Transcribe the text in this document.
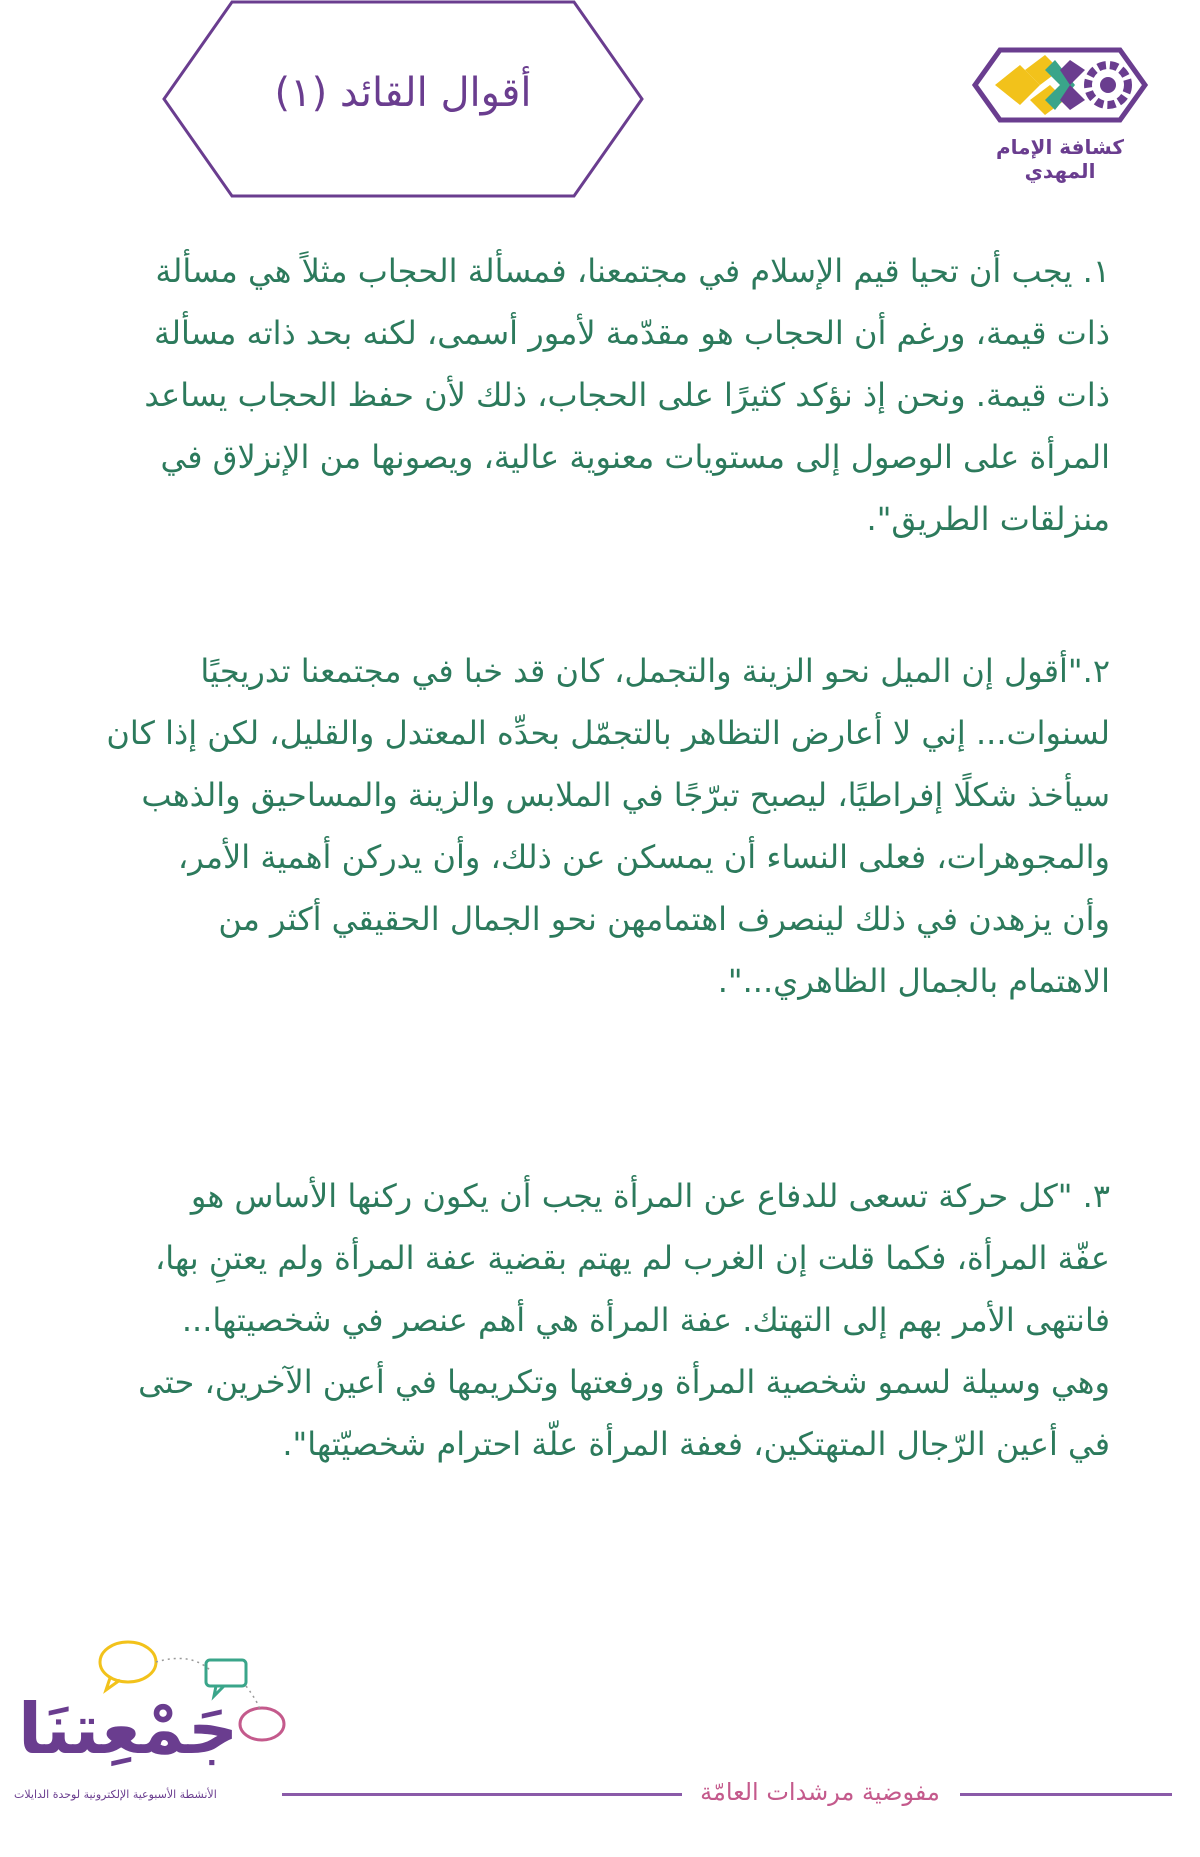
أقوال القائد (١)
كشافة الإمام المهدي
١. يجب أن تحيا قيم الإسلام في مجتمعنا، فمسألة الحجاب مثلاً هي مسألة
ذات قيمة، ورغم أن الحجاب هو مقدّمة لأمور أسمى، لكنه بحد ذاته مسألة
ذات قيمة. ونحن إذ نؤكد كثيرًا على الحجاب، ذلك لأن حفظ الحجاب يساعد
المرأة على الوصول إلى مستويات معنوية عالية، ويصونها من الإنزلاق في
منزلقات الطريق".
٢."أقول إن الميل نحو الزينة والتجمل، كان قد خبا في مجتمعنا تدريجيًا
لسنوات... إني لا أعارض التظاهر بالتجمّل بحدِّه المعتدل والقليل، لكن إذا كان
سيأخذ شكلًا إفراطيًا، ليصبح تبرّجًا في الملابس والزينة والمساحيق والذهب
والمجوهرات، فعلى النساء أن يمسكن عن ذلك، وأن يدركن أهمية الأمر،
وأن يزهدن في ذلك لينصرف اهتمامهن نحو الجمال الحقيقي أكثر من
الاهتمام بالجمال الظاهري...".
٣. "كل حركة تسعى للدفاع عن المرأة يجب أن يكون ركنها الأساس هو
عفّة المرأة، فكما قلت إن الغرب لم يهتم بقضية عفة المرأة ولم يعتنِ بها،
فانتهى الأمر بهم إلى التهتك. عفة المرأة هي أهم عنصر في شخصيتها...
وهي وسيلة لسمو شخصية المرأة ورفعتها وتكريمها في أعين الآخرين، حتى
في أعين الرّجال المتهتكين، فعفة المرأة علّة احترام شخصيّتها".
جَمْعِتنَا
الأنشطة الأسبوعية الإلكترونية لوحدة الدايلات	مفوضية مرشدات العامّة
